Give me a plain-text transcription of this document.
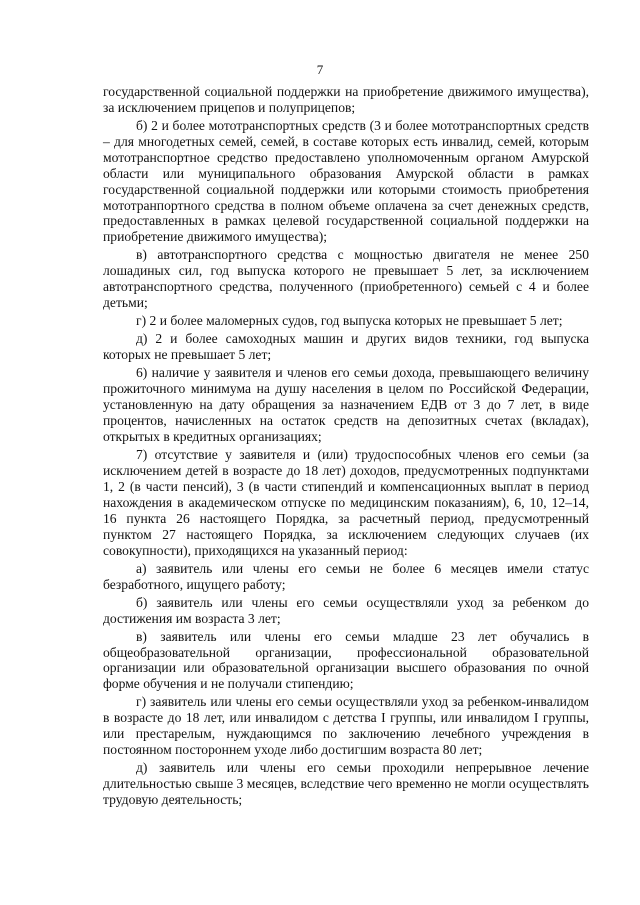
7

государственной социальной поддержки на приобретение движимого имущества), за исключением прицепов и полуприцепов;

б) 2 и более мототранспортных средств (3 и более мототранспортных средств – для многодетных семей, семей, в составе которых есть инвалид, семей, которым мототранспортное средство предоставлено уполномоченным органом Амурской области или муниципального образования Амурской области в рамках государственной социальной поддержки или которыми стоимость приобретения мототранпортного средства в полном объеме оплачена за счет денежных средств, предоставленных в рамках целевой государственной социальной поддержки на приобретение движимого имущества);

в) автотранспортного средства с мощностью двигателя не менее 250 лошадиных сил, год выпуска которого не превышает 5 лет, за исключением автотранспортного средства, полученного (приобретенного) семьей с 4 и более детьми;

г) 2 и более маломерных судов, год выпуска которых не превышает 5 лет;

д) 2 и более самоходных машин и других видов техники, год выпуска которых не превышает 5 лет;

6) наличие у заявителя и членов его семьи дохода, превышающего величину прожиточного минимума на душу населения в целом по Российской Федерации, установленную на дату обращения за назначением ЕДВ от 3 до 7 лет, в виде процентов, начисленных на остаток средств на депозитных счетах (вкладах), открытых в кредитных организациях;

7) отсутствие у заявителя и (или) трудоспособных членов его семьи (за исключением детей в возрасте до 18 лет) доходов, предусмотренных подпунктами 1, 2 (в части пенсий), 3 (в части стипендий и компенсационных выплат в период нахождения в академическом отпуске по медицинским показаниям), 6, 10, 12–14, 16 пункта 26 настоящего Порядка, за расчетный период, предусмотренный пунктом 27 настоящего Порядка, за исключением следующих случаев (их совокупности), приходящихся на указанный период:

а) заявитель или члены его семьи не более 6 месяцев имели статус безработного, ищущего работу;

б) заявитель или члены его семьи осуществляли уход за ребенком до достижения им возраста 3 лет;

в) заявитель или члены его семьи младше 23 лет обучались в общеобразовательной организации, профессиональной образовательной организации или образовательной организации высшего образования по очной форме обучения и не получали стипендию;

г) заявитель или члены его семьи осуществляли уход за ребенком-инвалидом в возрасте до 18 лет, или инвалидом с детства I группы, или инвалидом I группы, или престарелым, нуждающимся по заключению лечебного учреждения в постоянном постороннем уходе либо достигшим возраста 80 лет;

д) заявитель или члены его семьи проходили непрерывное лечение длительностью свыше 3 месяцев, вследствие чего временно не могли осуществлять трудовую деятельность;
